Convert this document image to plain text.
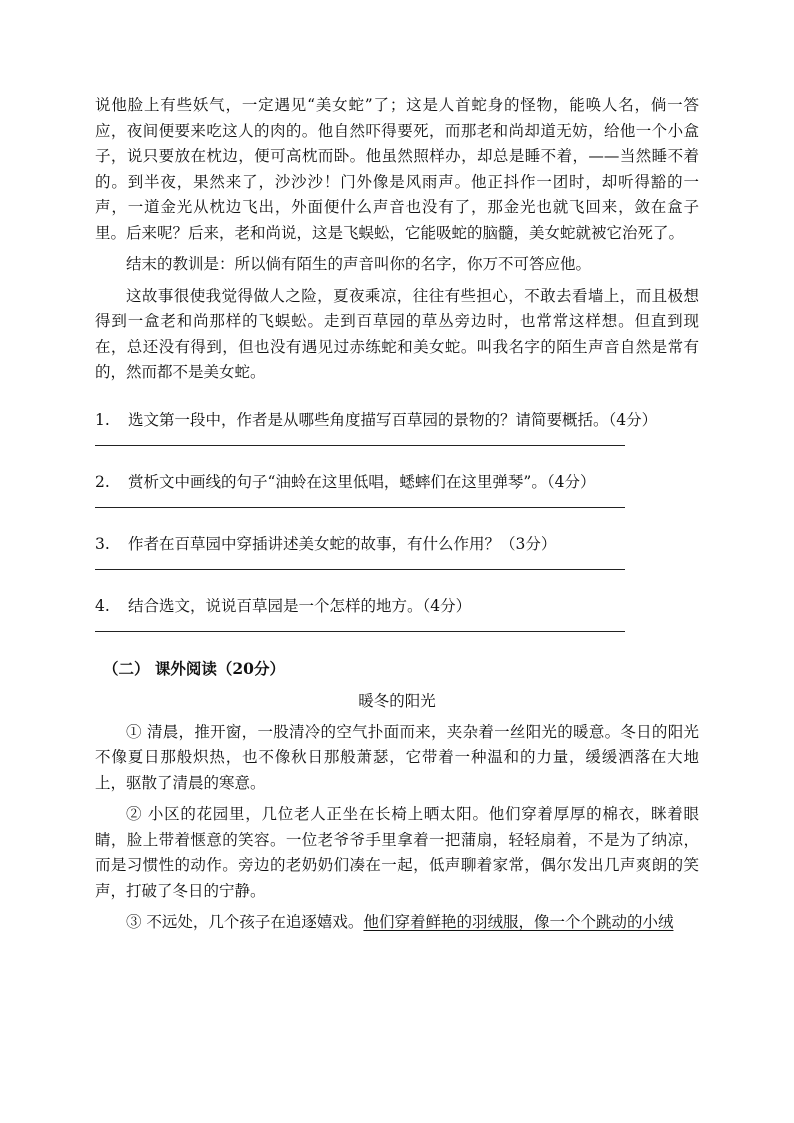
说他脸上有些妖气，一定遇见“美女蛇”了；这是人首蛇身的怪物，能唤人名，倘一答应，夜间便要来吃这人的肉的。他自然吓得要死，而那老和尚却道无妨，给他一个小盒子，说只要放在枕边，便可高枕而卧。他虽然照样办，却总是睡不着，——当然睡不着的。到半夜，果然来了，沙沙沙！门外像是风雨声。他正抖作一团时，却听得豁的一声，一道金光从枕边飞出，外面便什么声音也没有了，那金光也就飞回来，敛在盒子里。后来呢？后来，老和尚说，这是飞蜈蚣，它能吸蛇的脑髓，美女蛇就被它治死了。

结末的教训是：所以倘有陌生的声音叫你的名字，你万不可答应他。

这故事很使我觉得做人之险，夏夜乘凉，往往有些担心，不敢去看墙上，而且极想得到一盒老和尚那样的飞蜈蚣。走到百草园的草丛旁边时，也常常这样想。但直到现在，总还没有得到，但也没有遇见过赤练蛇和美女蛇。叫我名字的陌生声音自然是常有的，然而都不是美女蛇。

1. 选文第一段中，作者是从哪些角度描写百草园的景物的？请简要概括。（4分）

2. 赏析文中画线的句子“油蛉在这里低唱，蟋蟀们在这里弹琴”。（4分）

3. 作者在百草园中穿插讲述美女蛇的故事，有什么作用？（3分）

4. 结合选文，说说百草园是一个怎样的地方。（4分）

（二） 课外阅读（20分）
暖冬的阳光

① 清晨，推开窗，一股清冷的空气扑面而来，夹杂着一丝阳光的暖意。冬日的阳光不像夏日那般炽热，也不像秋日那般萧瑟，它带着一种温和的力量，缓缓洒落在大地上，驱散了清晨的寒意。

② 小区的花园里，几位老人正坐在长椅上晒太阳。他们穿着厚厚的棉衣，眯着眼睛，脸上带着惬意的笑容。一位老爷爷手里拿着一把蒲扇，轻轻扇着，不是为了纳凉，而是习惯性的动作。旁边的老奶奶们凑在一起，低声聊着家常，偶尔发出几声爽朗的笑声，打破了冬日的宁静。

③ 不远处，几个孩子在追逐嬉戏。他们穿着鲜艳的羽绒服，像一个个跳动的小绒
